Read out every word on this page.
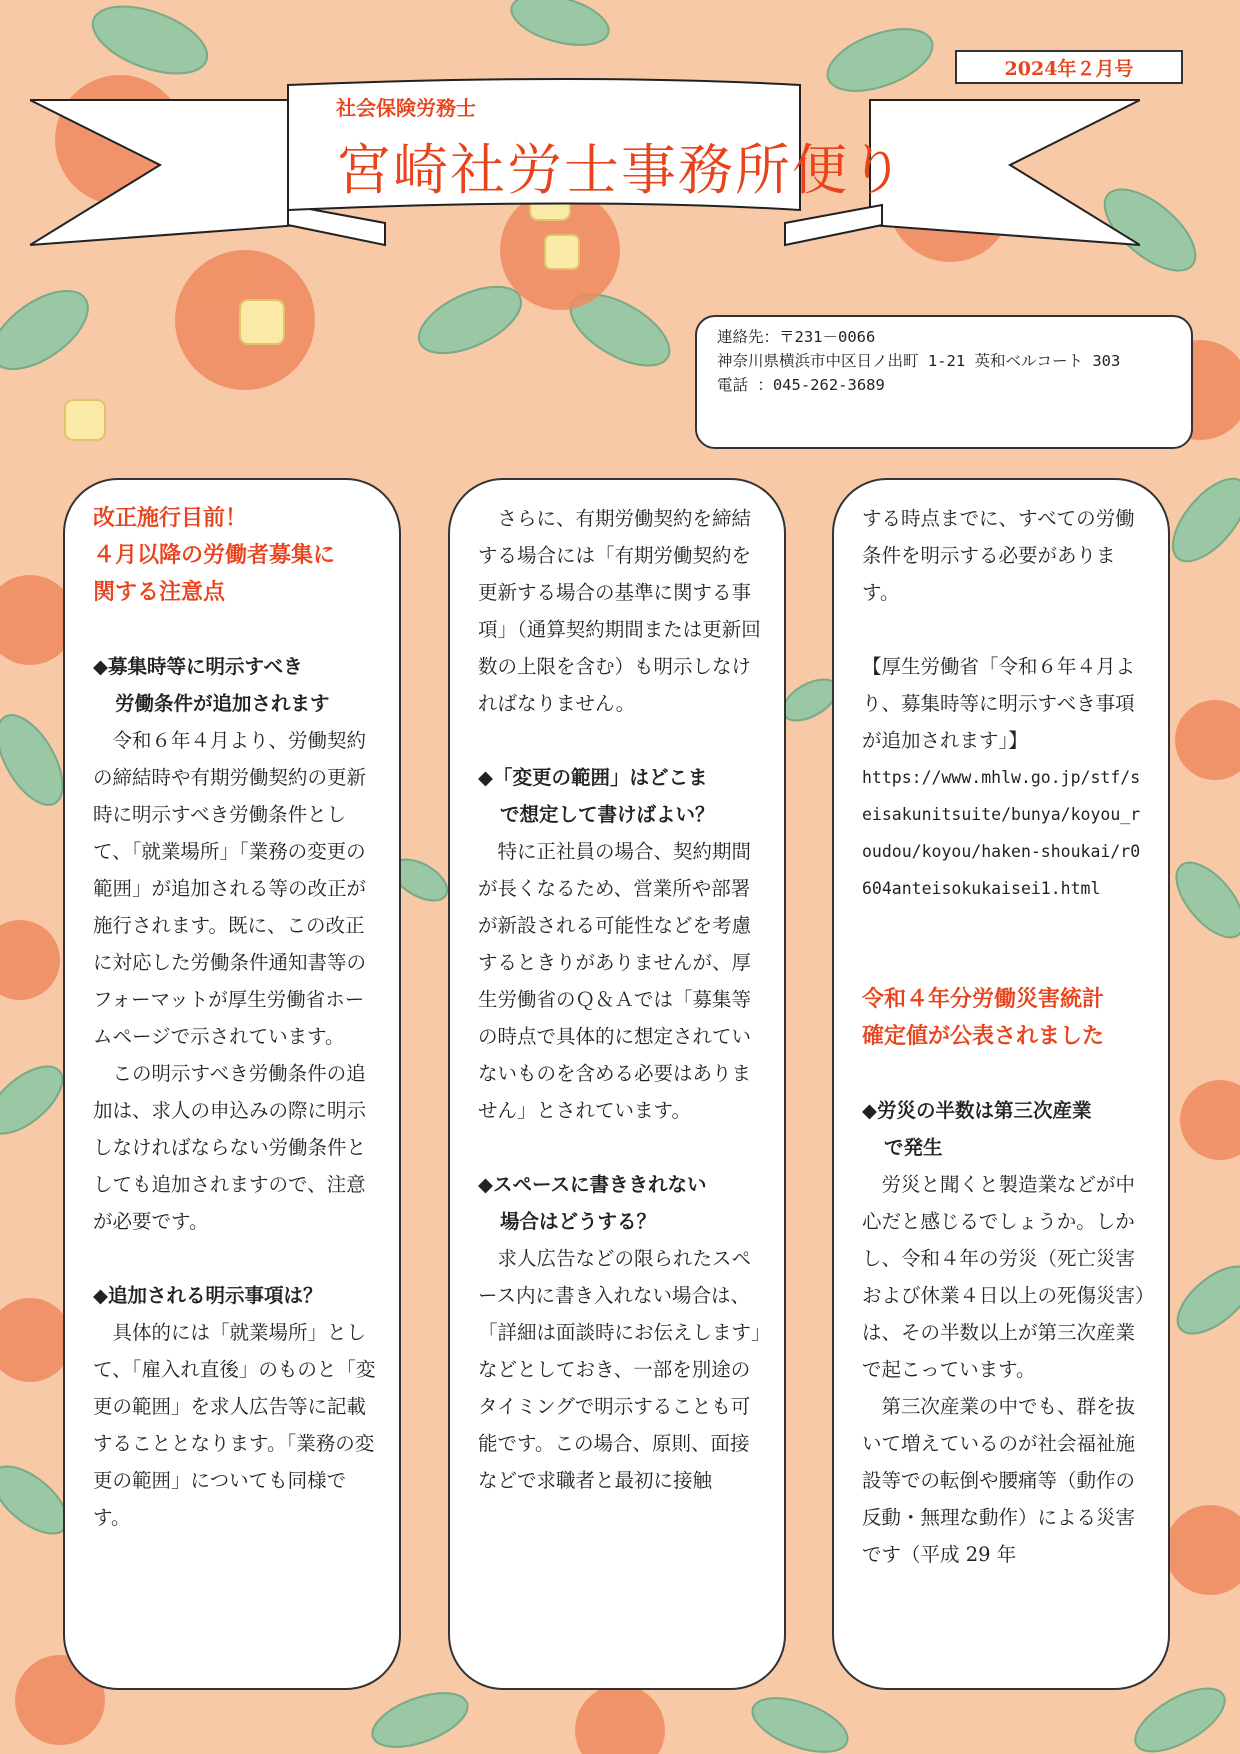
2024年２月号
社会保険労務士
宮崎社労士事務所便り
連絡先：〒231－0066
神奈川県横浜市中区日ノ出町 1-21 英和ベルコート 303
電話 ：045-262-3689

改正施行目前！

４月以降の労働者募集に

関する注意点

◆募集時等に明示すべき
労働条件が追加されます

令和６年４月より、労働契約の締結時や有期労働契約の更新時に明示すべき労働条件として、「就業場所」「業務の変更の範囲」が追加される等の改正が施行されます。既に、この改正に対応した労働条件通知書等のフォーマットが厚生労働省ホームページで示されています。

この明示すべき労働条件の追加は、求人の申込みの際に明示しなければならない労働条件としても追加されますので、注意が必要です。

◆追加される明示事項は？

具体的には「就業場所」として、「雇入れ直後」のものと「変更の範囲」を求人広告等に記載することとなります。「業務の変更の範囲」についても同様です。

さらに、有期労働契約を締結する場合には「有期労働契約を更新する場合の基準に関する事項」（通算契約期間または更新回数の上限を含む）も明示しなければなりません。

◆「変更の範囲」はどこま
で想定して書けばよい？

特に正社員の場合、契約期間が長くなるため、営業所や部署が新設される可能性などを考慮するときりがありませんが、厚生労働省のＱ＆Ａでは「募集等の時点で具体的に想定されていないものを含める必要はありません」とされています。

◆スペースに書ききれない
場合はどうする？

求人広告などの限られたスペース内に書き入れない場合は、「詳細は面談時にお伝えします」などとしておき、一部を別途のタイミングで明示することも可能です。この場合、原則、面接などで求職者と最初に接触

する時点までに、すべての労働条件を明示する必要があります。

【厚生労働省「令和６年４月より、募集時等に明示すべき事項が追加されます」】

https://www.mhlw.go.jp/stf/seisakunitsuite/bunya/koyou_roudou/koyou/haken-shoukai/r0604anteisokukaisei1.html

令和４年分労働災害統計

確定値が公表されました

◆労災の半数は第三次産業
で発生

労災と聞くと製造業などが中心だと感じるでしょうか。しかし、令和４年の労災（死亡災害および休業４日以上の死傷災害）は、その半数以上が第三次産業で起こっています。

第三次産業の中でも、群を抜いて増えているのが社会福祉施設等での転倒や腰痛等（動作の反動・無理な動作）による災害です（平成 29 年
